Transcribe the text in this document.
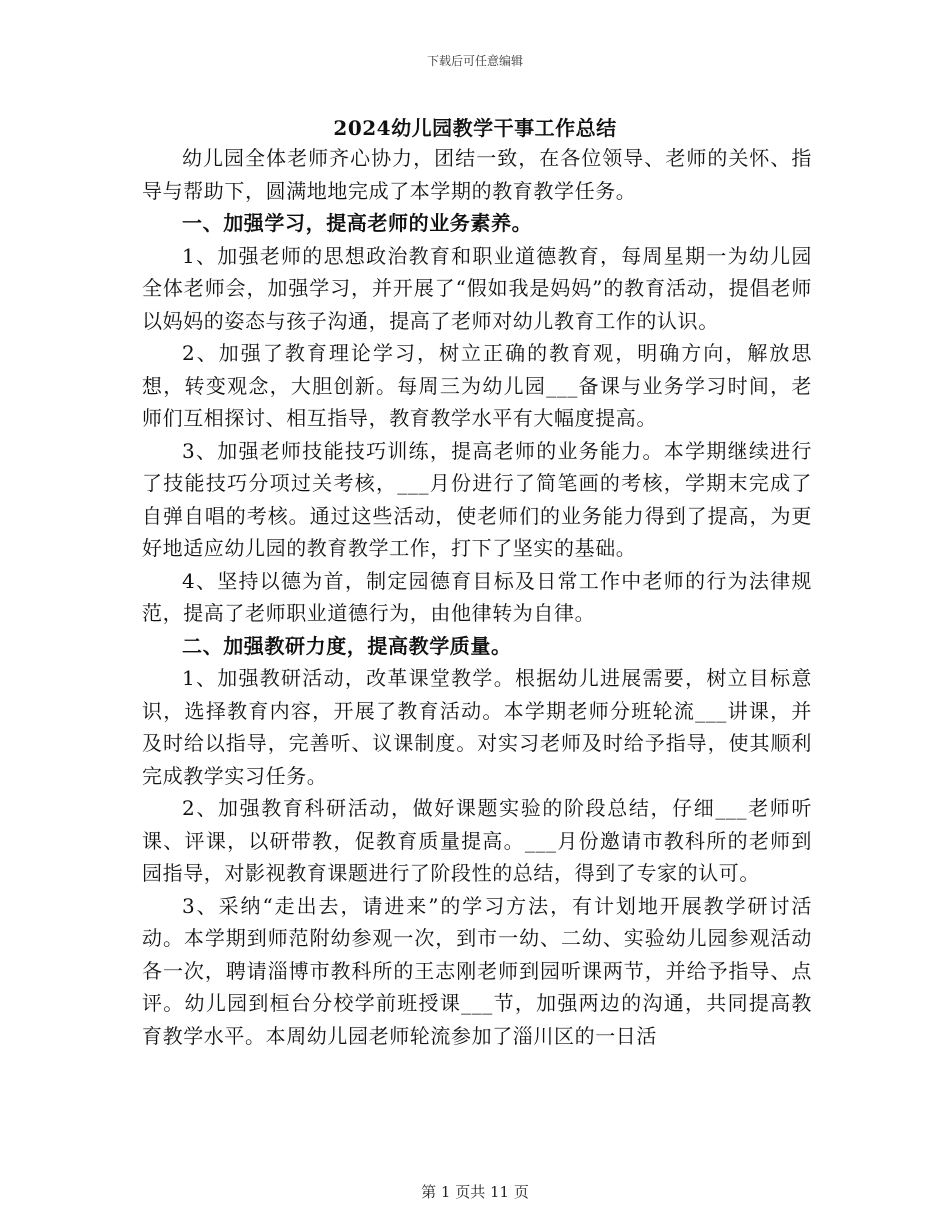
下载后可任意编辑
2024幼儿园教学干事工作总结

幼儿园全体老师齐心协力，团结一致，在各位领导、老师的关怀、指导与帮助下，圆满地地完成了本学期的教育教学任务。

一、加强学习，提高老师的业务素养。

1、加强老师的思想政治教育和职业道德教育，每周星期一为幼儿园全体老师会，加强学习，并开展了“假如我是妈妈”的教育活动，提倡老师以妈妈的姿态与孩子沟通，提高了老师对幼儿教育工作的认识。

2、加强了教育理论学习，树立正确的教育观，明确方向，解放思想，转变观念，大胆创新。每周三为幼儿园___备课与业务学习时间，老师们互相探讨、相互指导，教育教学水平有大幅度提高。

3、加强老师技能技巧训练，提高老师的业务能力。本学期继续进行了技能技巧分项过关考核，___月份进行了简笔画的考核，学期末完成了自弹自唱的考核。通过这些活动，使老师们的业务能力得到了提高，为更好地适应幼儿园的教育教学工作，打下了坚实的基础。

4、坚持以德为首，制定园德育目标及日常工作中老师的行为法律规范，提高了老师职业道德行为，由他律转为自律。

二、加强教研力度，提高教学质量。

1、加强教研活动，改革课堂教学。根据幼儿进展需要，树立目标意识，选择教育内容，开展了教育活动。本学期老师分班轮流___讲课，并及时给以指导，完善听、议课制度。对实习老师及时给予指导，使其顺利完成教学实习任务。

2、加强教育科研活动，做好课题实验的阶段总结，仔细___老师听课、评课，以研带教，促教育质量提高。___月份邀请市教科所的老师到园指导，对影视教育课题进行了阶段性的总结，得到了专家的认可。

3、采纳“走出去，请进来”的学习方法，有计划地开展教学研讨活动。本学期到师范附幼参观一次，到市一幼、二幼、实验幼儿园参观活动各一次，聘请淄博市教科所的王志刚老师到园听课两节，并给予指导、点评。幼儿园到桓台分校学前班授课___节，加强两边的沟通，共同提高教育教学水平。本周幼儿园老师轮流参加了淄川区的一日活

第 1 页共 11 页
